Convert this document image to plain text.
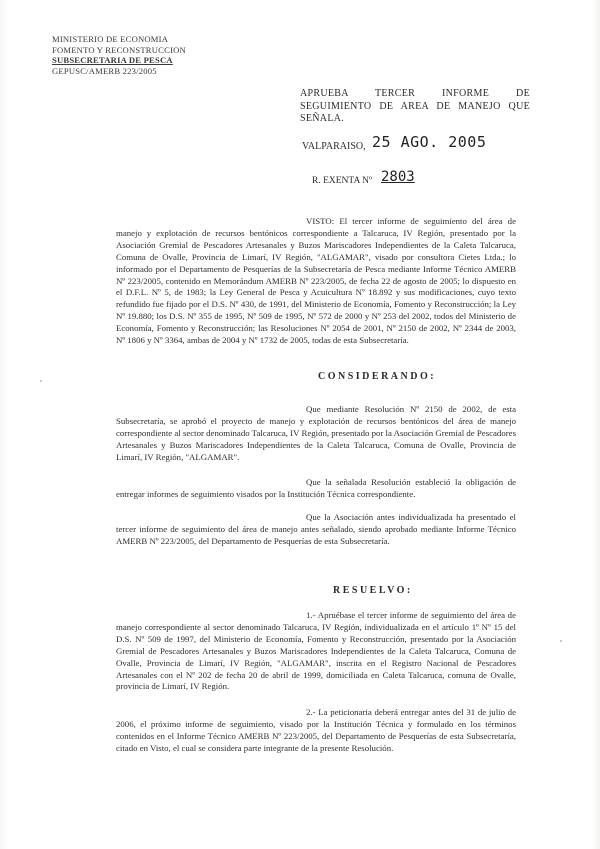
MINISTERIO DE ECONOMIA
FOMENTO Y RECONSTRUCCION
SUBSECRETARIA DE PESCA
GEPUSC/AMERB 223/2005
APRUEBA TERCER INFORME DE SEGUIMIENTO DE AREA DE MANEJO QUE SEÑALA.
VALPARAISO, 25 AGO. 2005
R. EXENTA Nº 2803
VISTO: El tercer informe de seguimiento del área de manejo y explotación de recursos bentónicos correspondiente a Talcaruca, IV Región, presentado por la Asociación Gremial de Pescadores Artesanales y Buzos Mariscadores Independientes de la Caleta Talcaruca, Comuna de Ovalle, Provincia de Limarí, IV Región, "ALGAMAR", visado por consultora Cietes Ltda.; lo informado por el Departamento de Pesquerías de la Subsecretaría de Pesca mediante Informe Técnico AMERB Nº 223/2005, contenido en Memorándum AMERB Nº 223/2005, de fecha 22 de agosto de 2005; lo dispuesto en el D.F.L. Nº 5, de 1983; la Ley General de Pesca y Acuicultura Nº 18.892 y sus modificaciones, cuyo texto refundido fue fijado por el D.S. Nº 430, de 1991, del Ministerio de Economía, Fomento y Reconstrucción; la Ley Nº 19.880; los D.S. Nº 355 de 1995, Nº 509 de 1995, Nº 572 de 2000 y Nº 253 del 2002, todos del Ministerio de Economía, Fomento y Reconstrucción; las Resoluciones Nº 2054 de 2001, Nº 2150 de 2002, Nº 2344 de 2003, Nº 1806 y Nº 3364, ambas de 2004 y Nº 1732 de 2005, todas de esta Subsecretaría.
CONSIDERANDO:
Que mediante Resolución Nº 2150 de 2002, de esta Subsecretaría, se aprobó el proyecto de manejo y explotación de recursos bentónicos del área de manejo correspondiente al sector denominado Talcaruca, IV Región, presentado por la Asociación Gremial de Pescadores Artesanales y Buzos Mariscadores Independientes de la Caleta Talcaruca, Comuna de Ovalle, Provincia de Limarí, IV Región, "ALGAMAR".
Que la señalada Resolución estableció la obligación de entregar informes de seguimiento visados por la Institución Técnica correspondiente.
Que la Asociación antes individualizada ha presentado el tercer informe de seguimiento del área de manejo antes señalado, siendo aprobado mediante Informe Técnico AMERB Nº 223/2005, del Departamento de Pesquerías de esta Subsecretaría.
RESUELVO:
1.- Apruébase el tercer informe de seguimiento del área de manejo correspondiente al sector denominado Talcaruca, IV Región, individualizada en el artículo 1º Nº 15 del D.S. Nº 509 de 1997, del Ministerio de Economía, Fomento y Reconstrucción, presentado por la Asociación Gremial de Pescadores Artesanales y Buzos Mariscadores Independientes de la Caleta Talcaruca, Comuna de Ovalle, Provincia de Limarí, IV Región, "ALGAMAR", inscrita en el Registro Nacional de Pescadores Artesanales con el Nº 202 de fecha 20 de abril de 1999, domiciliada en Caleta Talcaruca, comuna de Ovalle, provincia de Limarí, IV Región.
2.- La peticionaria deberá entregar antes del 31 de julio de 2006, el próximo informe de seguimiento, visado por la Institución Técnica y formulado en los términos contenidos en el Informe Técnico AMERB Nº 223/2005, del Departamento de Pesquerías de esta Subsecretaría, citado en Visto, el cual se considera parte integrante de la presente Resolución.
